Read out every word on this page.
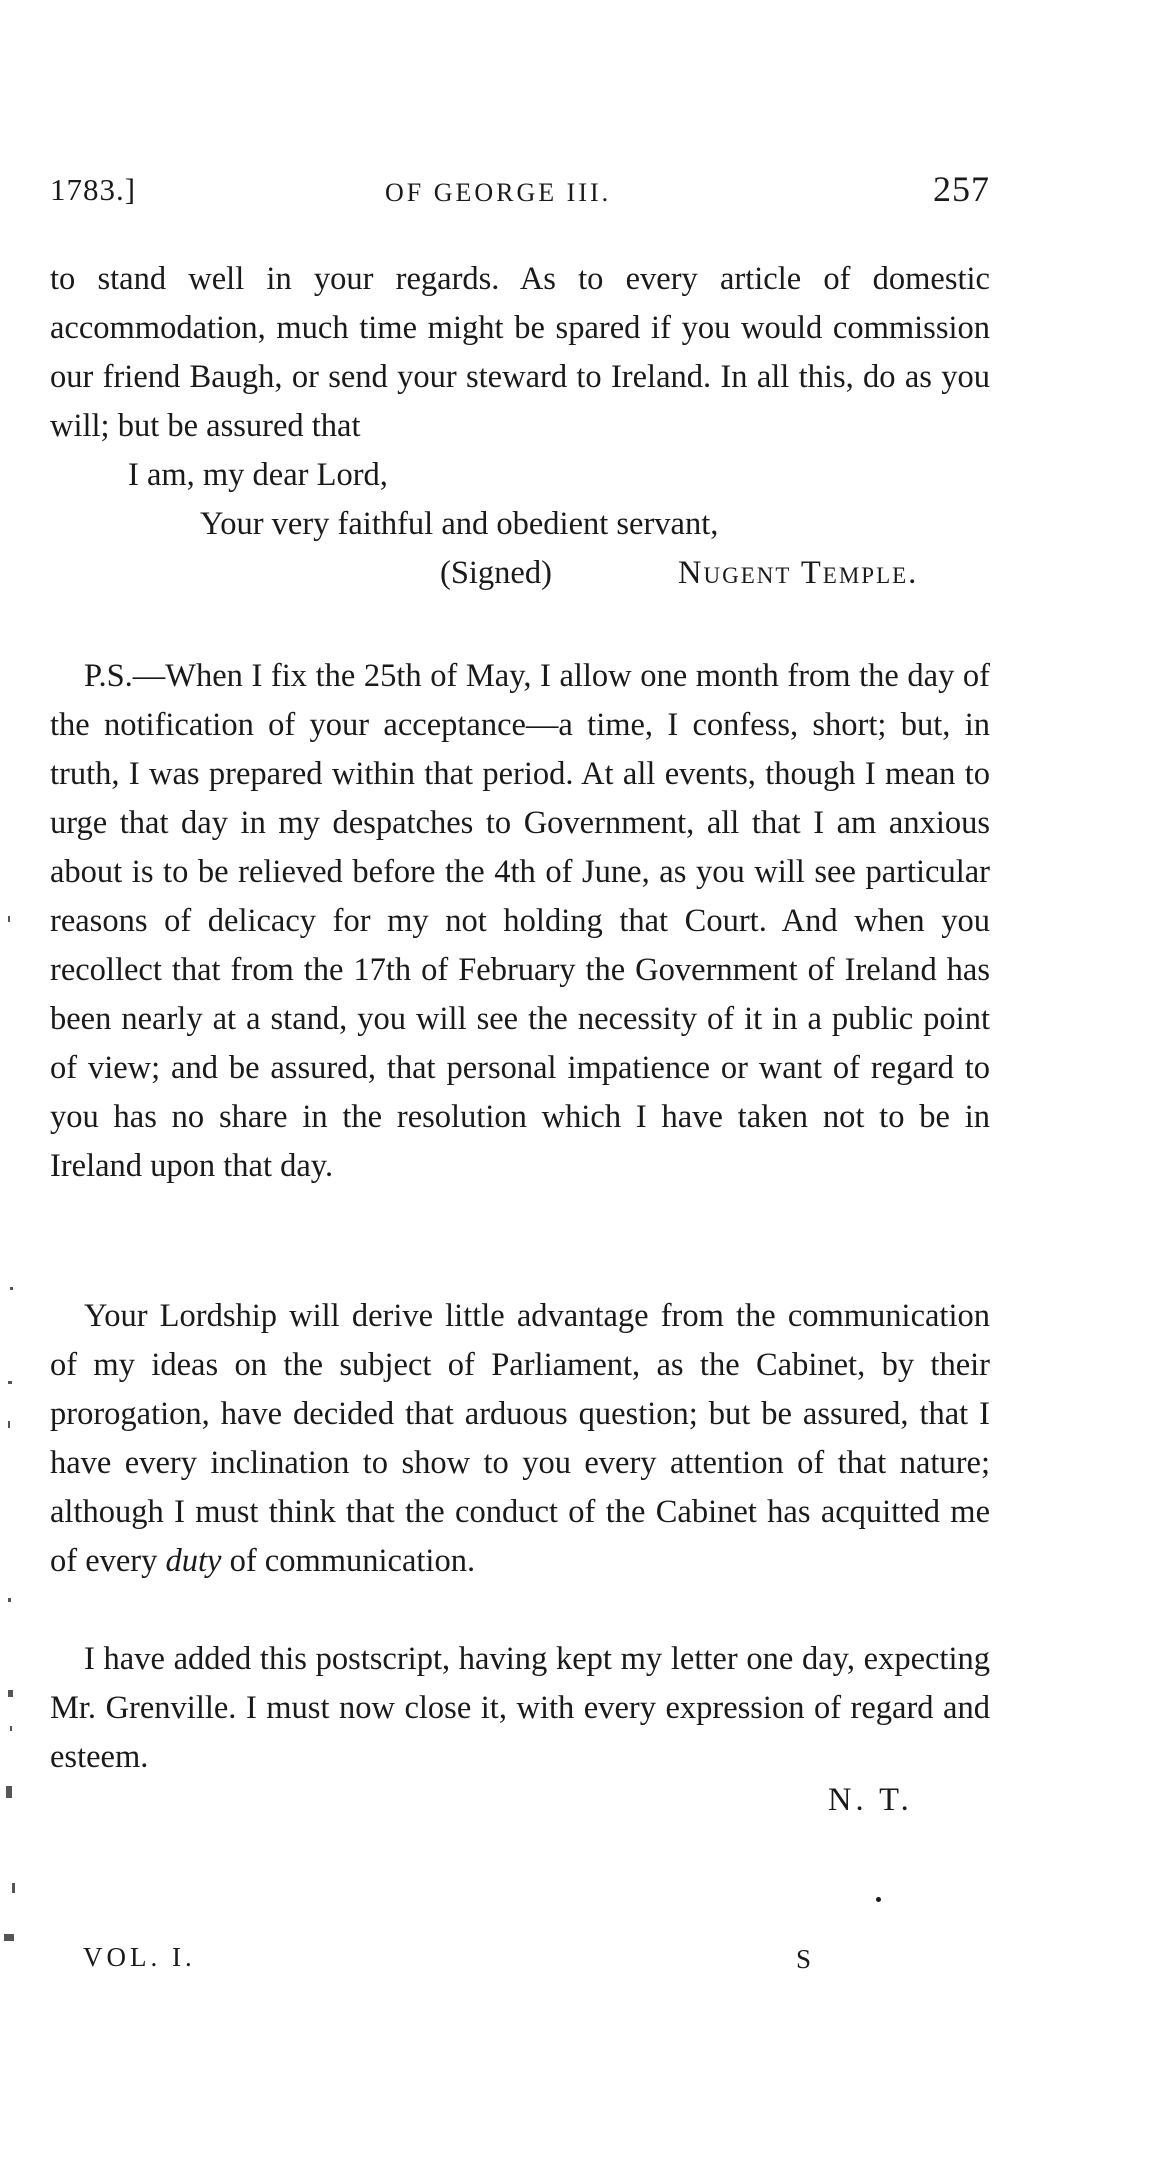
1783.]	OF GEORGE III.	257

to stand well in your regards. As to every article of domestic accommodation, much time might be spared if you would commission our friend Baugh, or send your steward to Ireland. In all this, do as you will; but be assured that

I am, my dear Lord,
Your very faithful and obedient servant,
(Signed)	Nugent Temple.

P.S.—When I fix the 25th of May, I allow one month from the day of the notification of your acceptance—a time, I confess, short; but, in truth, I was prepared within that period. At all events, though I mean to urge that day in my despatches to Government, all that I am anxious about is to be relieved before the 4th of June, as you will see particular reasons of delicacy for my not holding that Court. And when you recollect that from the 17th of February the Government of Ireland has been nearly at a stand, you will see the necessity of it in a public point of view; and be assured, that personal impatience or want of regard to you has no share in the resolution which I have taken not to be in Ireland upon that day.

Your Lordship will derive little advantage from the communication of my ideas on the subject of Parliament, as the Cabinet, by their prorogation, have decided that arduous question; but be assured, that I have every inclination to show to you every attention of that nature; although I must think that the conduct of the Cabinet has acquitted me of every duty of communication.

I have added this postscript, having kept my letter one day, expecting Mr. Grenville. I must now close it, with every expression of regard and esteem.

N. T.
VOL. I.	S
